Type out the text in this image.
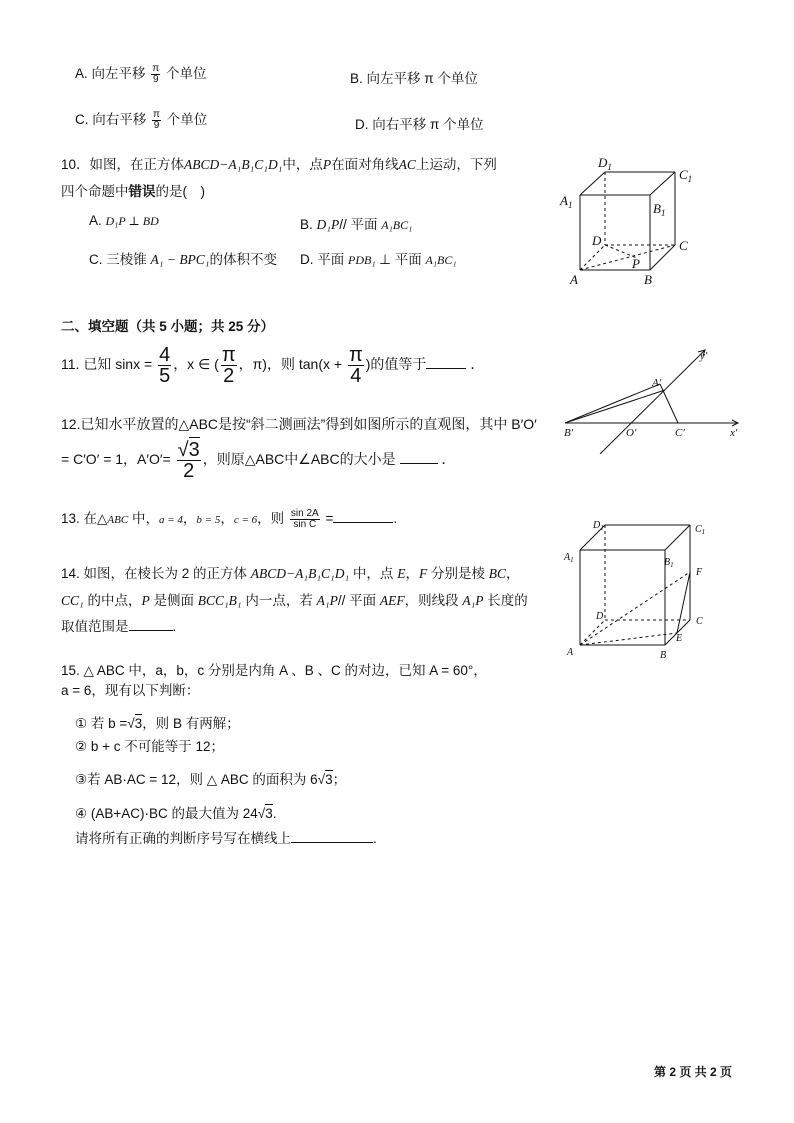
A. 向左平移 $\frac{\pi}{9}$ 个单位	B. 向左平移 π 个单位
C. 向右平移 $\frac{\pi}{9}$ 个单位	D. 向右平移 π 个单位
10．如图，在正方体ABCD−A₁B₁C₁D₁中，点P在面对角线AC上运动，下列
四个命题中错误的是(　)
A. D₁P ⊥ BD	B. D₁P// 平面 A₁BC₁
C. 三棱锥 A₁ − BPC₁的体积不变 D. 平面 PDB₁ ⊥ 平面 A₁BC₁
$D_1$	$C_1$
$A_1$	$B_1$
D	C
A	B
P
二、填空题（共 5 小题；共 25 分）
11. 已知 $\sin x = \frac{4}{5}$ ，x ∈ ( $\frac{\pi}{2}$ ，π)，则 $\tan(x + \frac{\pi}{4}$ )的值等于	．
12.已知水平放置的△ABC是按“斜二测画法”得到如图所示的直观图，其中 B′O′
= C′O′ = 1，$A'O'= \frac{√3}{2}$ ，则原△ABC中∠ABC的大小是	．
B′	O′	C′	x′
y′
A′
13. 在△ABC 中，a = 4，b = 5，c = 6，则 $\frac{\sin 2A}{\text{sin C}}$ =	.
14. 如图，在棱长为 2 的正方体 ABCD−A₁B₁C₁D₁ 中，点 E，F 分别是棱 BC，
CC₁ 的中点，P 是侧面 BCC₁B₁ 内一点，若 A₁P// 平面 AEF，则线段 A₁P 长度的
取值范围是	.
$D_1$	$C_1$
$A_1$	$B_1$
D	C
A	B
E
F
15. △ ABC 中，a，b，c 分别是内角 A 、B 、C 的对边，已知 A = 60°，
a = 6，现有以下判断：
① 若 b =√3，则 B 有两解；
② b + c 不可能等于 12；
③若 AB·AC = 12，则 △ ABC 的面积为 6√3；
④ (AB+AC)·BC 的最大值为 24√3.
请将所有正确的判断序号写在横线上	.
第 2 页 共 2 页
